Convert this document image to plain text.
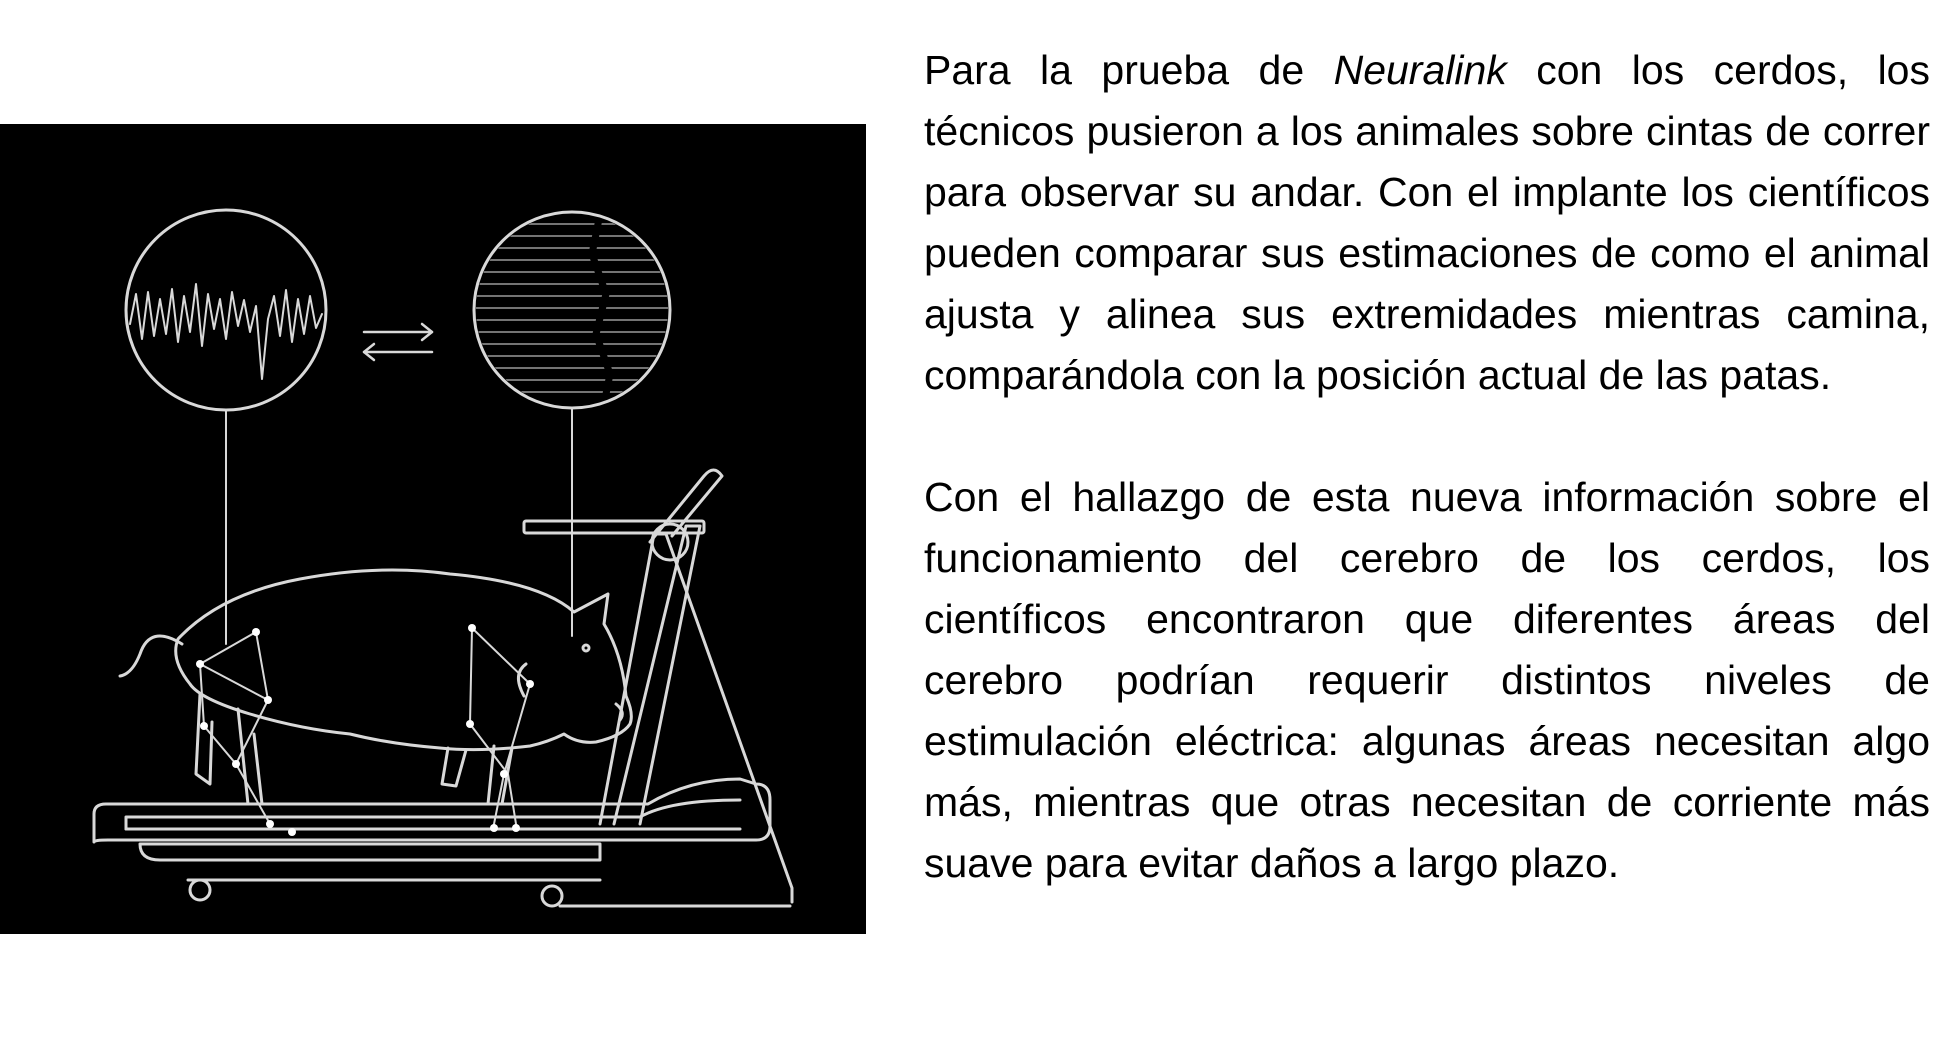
Para la prueba de Neuralink con los cerdos, los técnicos pusieron a los animales sobre cintas de correr para observar su andar. Con el implante los científicos pueden comparar sus estimaciones de como el animal ajusta y alinea sus extremidades mientras camina, comparándola con la posición actual de las patas.

Con el hallazgo de esta nueva información sobre el funcionamiento del cerebro de los cerdos, los científicos encontraron que diferentes áreas del cerebro podrían requerir distintos niveles de estimulación eléctrica: algunas áreas necesitan algo más, mientras que otras necesitan de corriente más suave para evitar daños a largo plazo.
